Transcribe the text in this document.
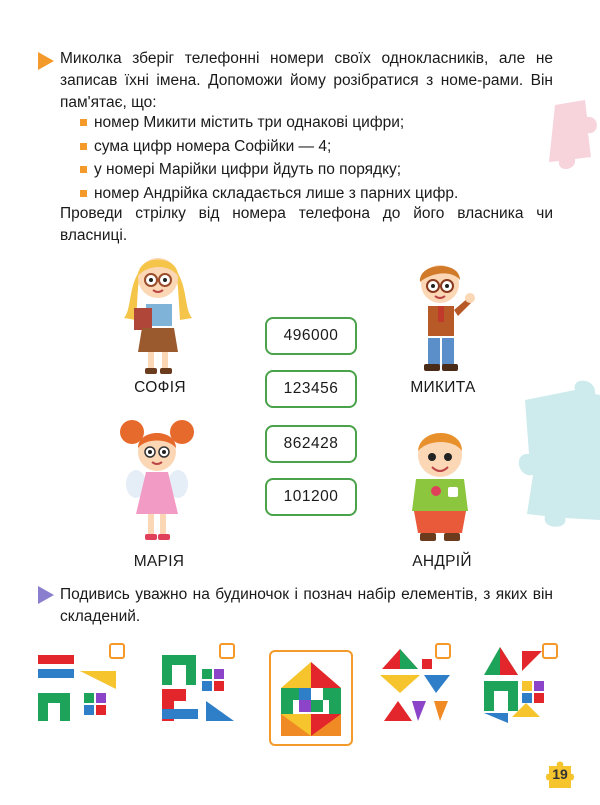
Миколка зберіг телефонні номери своїх однокласників, але не записав їхні імена. Допоможи йому розібратися з номе-рами. Він пам'ятає, що:
номер Микити містить три однакові цифри;
сума цифр номера Софійки — 4;
у номері Марійки цифри йдуть по порядку;
номер Андрійка складається лише з парних цифр.
Проведи стрілку від номера телефона до його власника чи власниці.
СОФІЯ	МИКИТА
МАРІЯ	АНДРІЙ
496000
123456
862428
101200
Подивись уважно на будиночок і познач набір елементів, з яких він складений.
19
